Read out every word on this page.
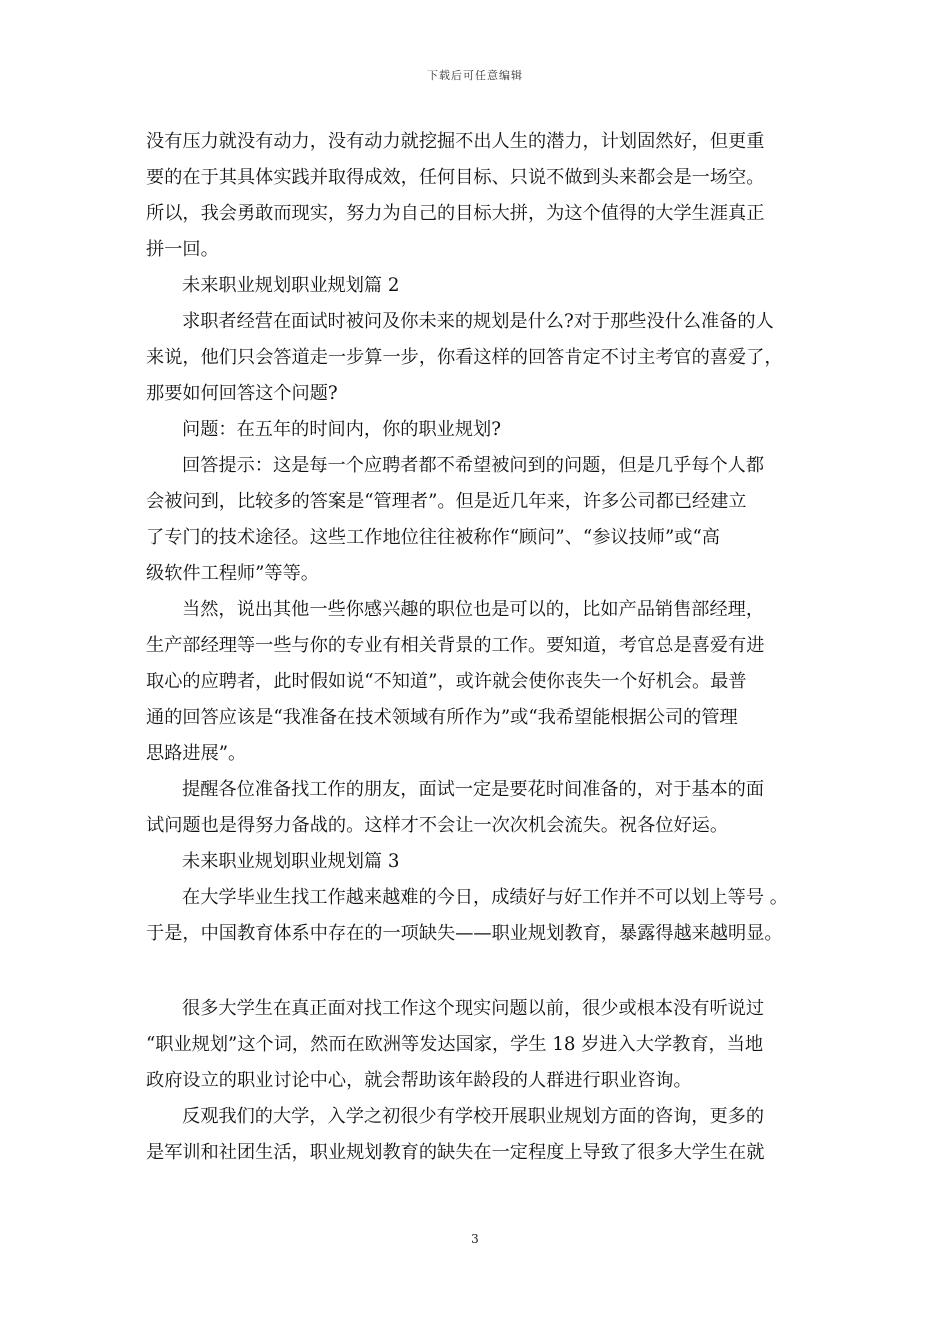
下载后可任意编辑
没有压力就没有动力，没有动力就挖掘不出人生的潜力，计划固然好，但更重
要的在于其具体实践并取得成效，任何目标、只说不做到头来都会是一场空。
所以，我会勇敢而现实，努力为自己的目标大拼，为这个值得的大学生涯真正
拼一回。
未来职业规划职业规划篇 2
求职者经营在面试时被问及你未来的规划是什么?对于那些没什么准备的人
来说，他们只会答道走一步算一步，你看这样的回答肯定不讨主考官的喜爱了，
那要如何回答这个问题?
问题：在五年的时间内，你的职业规划?
回答提示：这是每一个应聘者都不希望被问到的问题，但是几乎每个人都
会被问到，比较多的答案是“管理者”。但是近几年来，许多公司都已经建立
了专门的技术途径。这些工作地位往往被称作“顾问”、“参议技师”或“高
级软件工程师”等等。
当然，说出其他一些你感兴趣的职位也是可以的，比如产品销售部经理，
生产部经理等一些与你的专业有相关背景的工作。要知道，考官总是喜爱有进
取心的应聘者，此时假如说“不知道”，或许就会使你丧失一个好机会。最普
通的回答应该是“我准备在技术领域有所作为”或“我希望能根据公司的管理
思路进展”。
提醒各位准备找工作的朋友，面试一定是要花时间准备的，对于基本的面
试问题也是得努力备战的。这样才不会让一次次机会流失。祝各位好运。
未来职业规划职业规划篇 3
在大学毕业生找工作越来越难的今日，成绩好与好工作并不可以划上等号 。
于是，中国教育体系中存在的一项缺失——职业规划教育，暴露得越来越明显。
很多大学生在真正面对找工作这个现实问题以前，很少或根本没有听说过
“职业规划”这个词，然而在欧洲等发达国家，学生 18 岁进入大学教育，当地
政府设立的职业讨论中心，就会帮助该年龄段的人群进行职业咨询。
反观我们的大学，入学之初很少有学校开展职业规划方面的咨询，更多的
是军训和社团生活，职业规划教育的缺失在一定程度上导致了很多大学生在就
3
